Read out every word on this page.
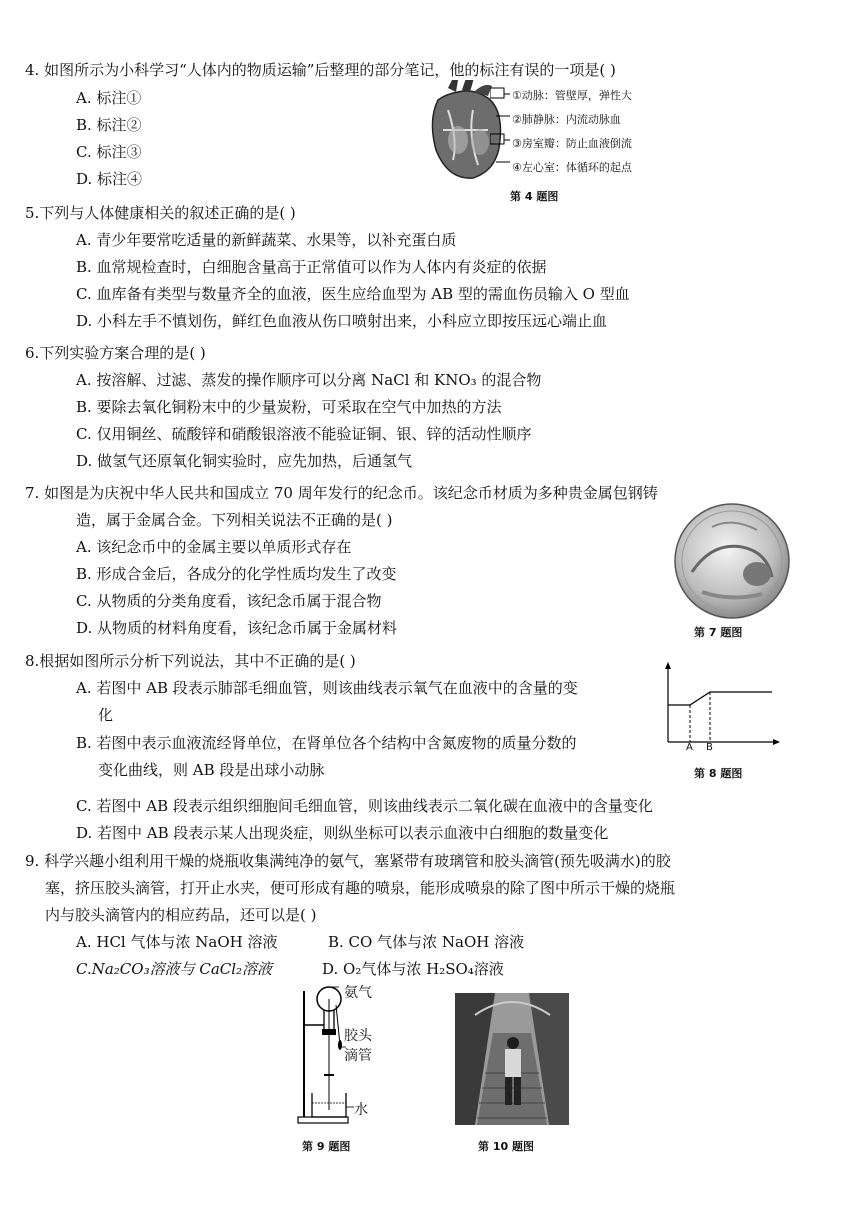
4. 如图所示为小科学习“人体内的物质运输”后整理的部分笔记，他的标注有误的一项是( )
A. 标注①
B. 标注②
C. 标注③
D. 标注④
①动脉：管壁厚，弹性大
②肺静脉：内流动脉血
③房室瓣：防止血液倒流
④左心室：体循环的起点
第 4 题图
5.下列与人体健康相关的叙述正确的是( )
A. 青少年要常吃适量的新鲜蔬菜、水果等，以补充蛋白质
B. 血常规检查时，白细胞含量高于正常值可以作为人体内有炎症的依据
C. 血库备有类型与数量齐全的血液，医生应给血型为 AB 型的需血伤员输入 O 型血
D. 小科左手不慎划伤，鲜红色血液从伤口喷射出来，小科应立即按压远心端止血
6.下列实验方案合理的是( )
A. 按溶解、过滤、蒸发的操作顺序可以分离 NaCl 和 KNO₃ 的混合物
B. 要除去氧化铜粉末中的少量炭粉，可采取在空气中加热的方法
C. 仅用铜丝、硫酸锌和硝酸银溶液不能验证铜、银、锌的活动性顺序
D. 做氢气还原氧化铜实验时，应先加热，后通氢气
7. 如图是为庆祝中华人民共和国成立 70 周年发行的纪念币。该纪念币材质为多种贵金属包钢铸
造，属于金属合金。下列相关说法不正确的是( )
A. 该纪念币中的金属主要以单质形式存在
B. 形成合金后，各成分的化学性质均发生了改变
C. 从物质的分类角度看，该纪念币属于混合物
D. 从物质的材料角度看，该纪念币属于金属材料	第 7 题图
8.根据如图所示分析下列说法，其中不正确的是( )
A. 若图中 AB 段表示肺部毛细血管，则该曲线表示氧气在血液中的含量的变
化
B. 若图中表示血液流经肾单位，在肾单位各个结构中含氮废物的质量分数的
变化曲线，则 AB 段是出球小动脉
C. 若图中 AB 段表示组织细胞间毛细血管，则该曲线表示二氧化碳在血液中的含量变化
D. 若图中 AB 段表示某人出现炎症，则纵坐标可以表示血液中白细胞的数量变化
A B
第 8 题图
9. 科学兴趣小组利用干燥的烧瓶收集满纯净的氨气，塞紧带有玻璃管和胶头滴管(预先吸满水)的胶
塞，挤压胶头滴管，打开止水夹，便可形成有趣的喷泉，能形成喷泉的除了图中所示干燥的烧瓶
内与胶头滴管内的相应药品，还可以是( )
A. HCl 气体与浓 NaOH 溶液	B. CO 气体与浓 NaOH 溶液
C.Na₂CO₃溶液与 CaCl₂溶液	D. O₂气体与浓 H₂SO₄溶液
氨气
胶头
滴管
水
第 9 题图	第 10 题图
